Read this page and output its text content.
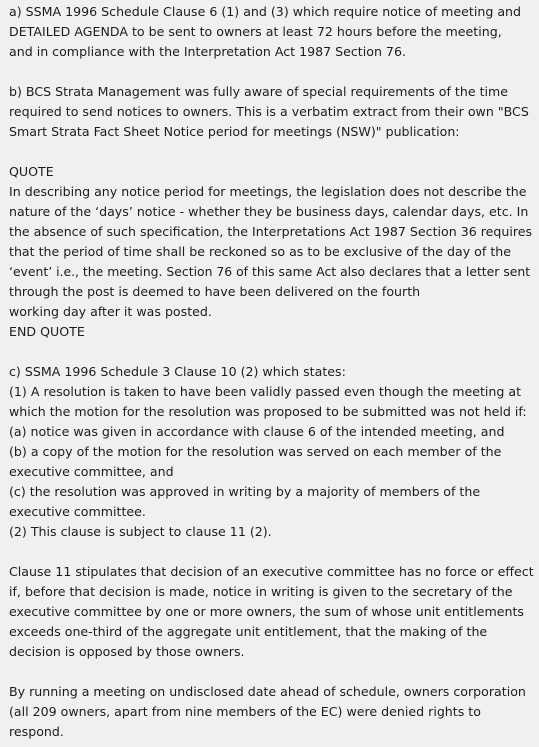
a) SSMA 1996 Schedule Clause 6 (1) and (3) which require notice of meeting and
DETAILED AGENDA to be sent to owners at least 72 hours before the meeting,
and in compliance with the Interpretation Act 1987 Section 76.
b) BCS Strata Management was fully aware of special requirements of the time
required to send notices to owners. This is a verbatim extract from their own "BCS
Smart Strata Fact Sheet Notice period for meetings (NSW)" publication:
QUOTE
In describing any notice period for meetings, the legislation does not describe the
nature of the ‘days’ notice - whether they be business days, calendar days, etc. In
the absence of such specification, the Interpretations Act 1987 Section 36 requires
that the period of time shall be reckoned so as to be exclusive of the day of the
‘event’ i.e., the meeting. Section 76 of this same Act also declares that a letter sent
through the post is deemed to have been delivered on the fourth
working day after it was posted.
END QUOTE
c) SSMA 1996 Schedule 3 Clause 10 (2) which states:
(1) A resolution is taken to have been validly passed even though the meeting at
which the motion for the resolution was proposed to be submitted was not held if:
(a) notice was given in accordance with clause 6 of the intended meeting, and
(b) a copy of the motion for the resolution was served on each member of the
executive committee, and
(c) the resolution was approved in writing by a majority of members of the
executive committee.
(2) This clause is subject to clause 11 (2).
Clause 11 stipulates that decision of an executive committee has no force or effect
if, before that decision is made, notice in writing is given to the secretary of the
executive committee by one or more owners, the sum of whose unit entitlements
exceeds one-third of the aggregate unit entitlement, that the making of the
decision is opposed by those owners.
By running a meeting on undisclosed date ahead of schedule, owners corporation
(all 209 owners, apart from nine members of the EC) were denied rights to
respond.
